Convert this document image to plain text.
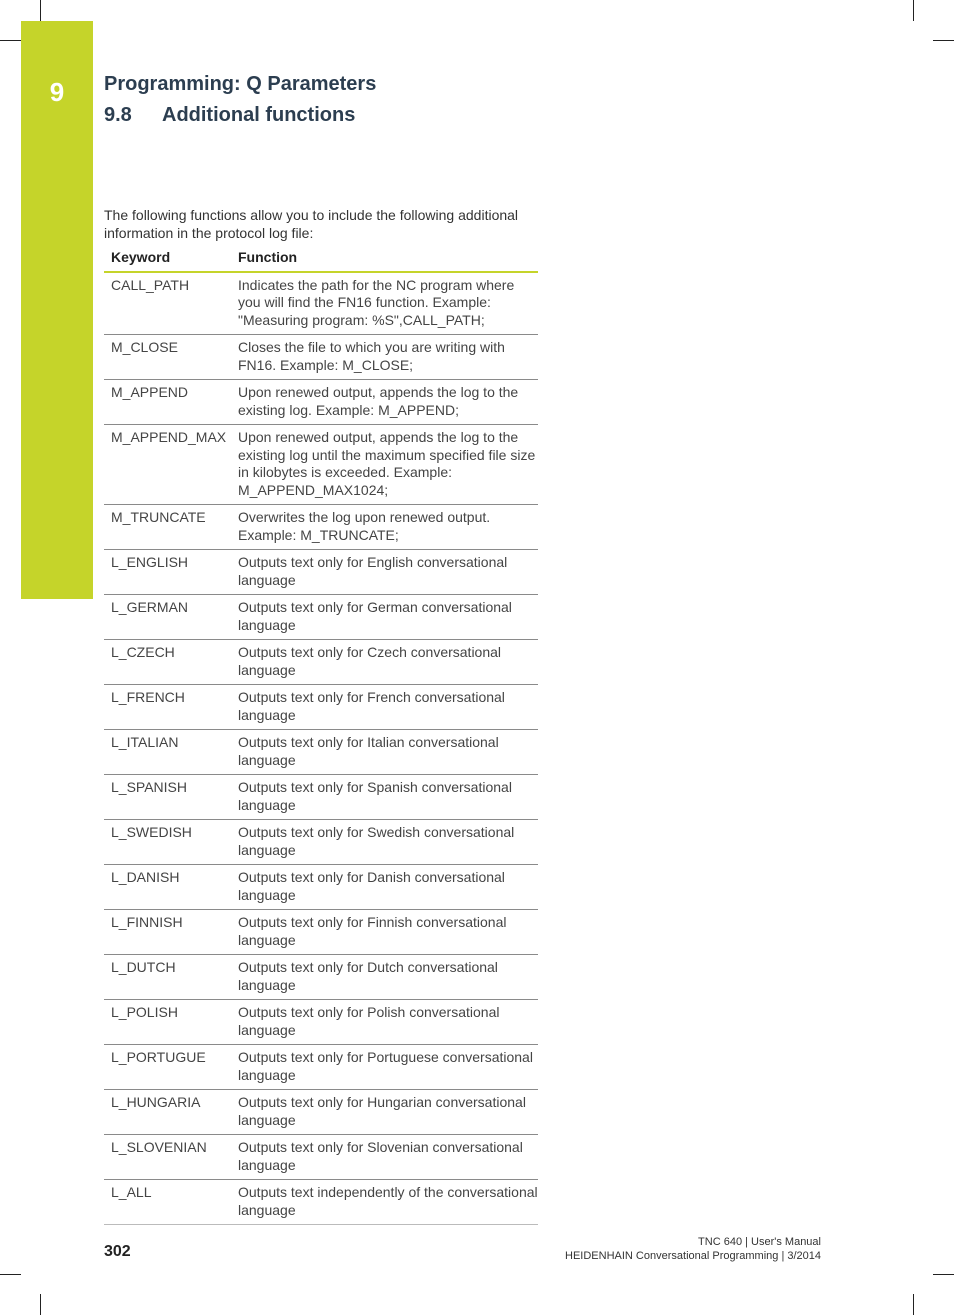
9	Programming: Q Parameters
9.8 Additional functions
The following functions allow you to include the following additional information in the protocol log file:
Keyword	Function
CALL_PATH	Indicates the path for the NC program where you will find the FN16 function. Example: "Measuring program: %S",CALL_PATH;
M_CLOSE	Closes the file to which you are writing with FN16. Example: M_CLOSE;
M_APPEND	Upon renewed output, appends the log to the existing log. Example: M_APPEND;
M_APPEND_MAX	Upon renewed output, appends the log to the existing log until the maximum specified file size in kilobytes is exceeded. Example: M_APPEND_MAX1024;
M_TRUNCATE	Overwrites the log upon renewed output. Example: M_TRUNCATE;
L_ENGLISH	Outputs text only for English conversational language
L_GERMAN	Outputs text only for German conversational language
L_CZECH	Outputs text only for Czech conversational language
L_FRENCH	Outputs text only for French conversational language
L_ITALIAN	Outputs text only for Italian conversational language
L_SPANISH	Outputs text only for Spanish conversational language
L_SWEDISH	Outputs text only for Swedish conversational language
L_DANISH	Outputs text only for Danish conversational language
L_FINNISH	Outputs text only for Finnish conversational language
L_DUTCH	Outputs text only for Dutch conversational language
L_POLISH	Outputs text only for Polish conversational language
L_PORTUGUE	Outputs text only for Portuguese conversational language
L_HUNGARIA	Outputs text only for Hungarian conversational language
L_SLOVENIAN	Outputs text only for Slovenian conversational language
L_ALL	Outputs text independently of the conversational language
302
TNC 640 | User's Manual
HEIDENHAIN Conversational Programming | 3/2014
